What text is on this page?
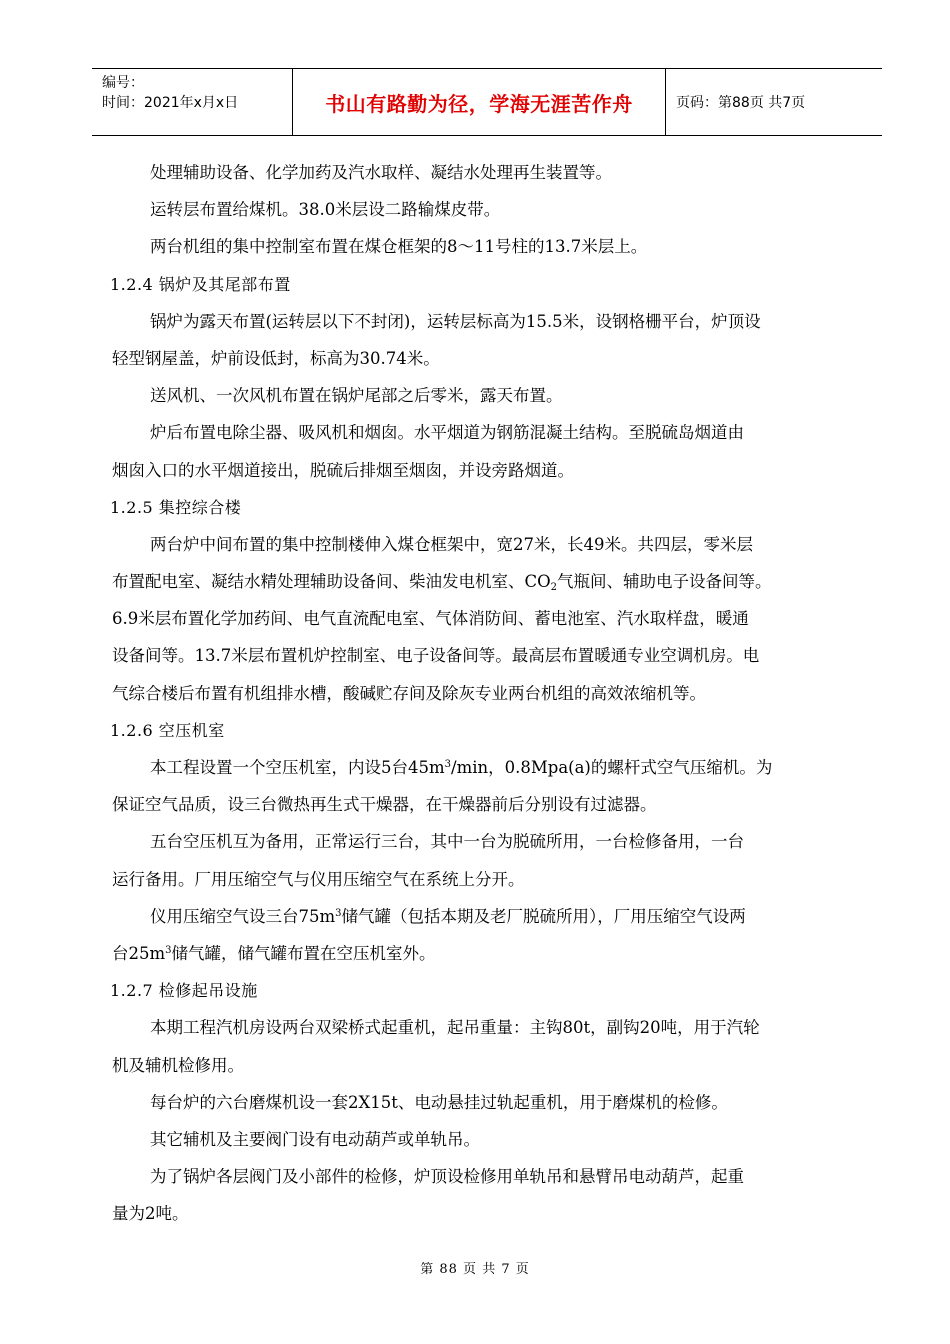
编号：
时间：2021年x月x日	书山有路勤为径，学海无涯苦作舟	页码：第88页 共7页
处理辅助设备、化学加药及汽水取样、凝结水处理再生装置等。
运转层布置给煤机。38.0米层设二路输煤皮带。
两台机组的集中控制室布置在煤仓框架的8～11号柱的13.7米层上。
1.2.4 锅炉及其尾部布置
锅炉为露天布置(运转层以下不封闭)，运转层标高为15.5米，设钢格栅平台，炉顶设
轻型钢屋盖，炉前设低封，标高为30.74米。
送风机、一次风机布置在锅炉尾部之后零米，露天布置。
炉后布置电除尘器、吸风机和烟囱。水平烟道为钢筋混凝土结构。至脱硫岛烟道由
烟囱入口的水平烟道接出，脱硫后排烟至烟囱，并设旁路烟道。
1.2.5 集控综合楼
两台炉中间布置的集中控制楼伸入煤仓框架中，宽27米，长49米。共四层，零米层
布置配电室、凝结水精处理辅助设备间、柴油发电机室、$CO_2$气瓶间、辅助电子设备间等。
6.9米层布置化学加药间、电气直流配电室、气体消防间、蓄电池室、汽水取样盘，暖通
设备间等。13.7米层布置机炉控制室、电子设备间等。最高层布置暖通专业空调机房。电
气综合楼后布置有机组排水槽，酸碱贮存间及除灰专业两台机组的高效浓缩机等。
1.2.6 空压机室
本工程设置一个空压机室，内设5台$45m^3/\min$，0.8Mpa(a)的螺杆式空气压缩机。为
保证空气品质，设三台微热再生式干燥器，在干燥器前后分别设有过滤器。
五台空压机互为备用，正常运行三台，其中一台为脱硫所用，一台检修备用，一台
运行备用。厂用压缩空气与仪用压缩空气在系统上分开。
仪用压缩空气设三台$75m^3$储气罐（包括本期及老厂脱硫所用），厂用压缩空气设两
台$25m^3$储气罐，储气罐布置在空压机室外。
1.2.7 检修起吊设施
本期工程汽机房设两台双梁桥式起重机，起吊重量：主钩80t，副钩20吨，用于汽轮
机及辅机检修用。
每台炉的六台磨煤机设一套2X15t、电动悬挂过轨起重机，用于磨煤机的检修。
其它辅机及主要阀门设有电动葫芦或单轨吊。
为了锅炉各层阀门及小部件的检修，炉顶设检修用单轨吊和悬臂吊电动葫芦，起重
量为2吨。
第 88 页 共 7 页
